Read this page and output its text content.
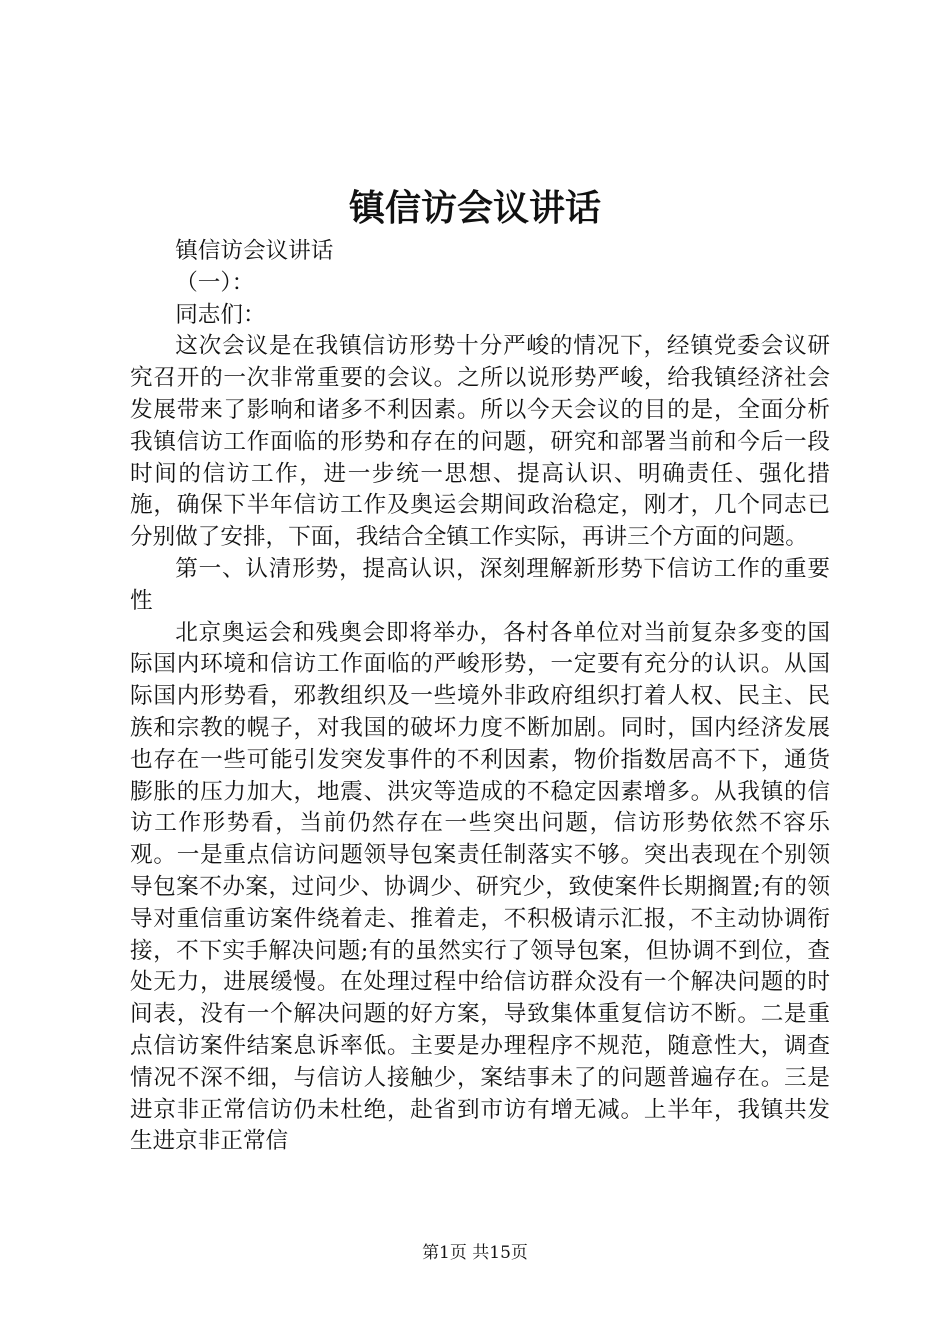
镇信访会议讲话

镇信访会议讲话

（一）：

同志们：

这次会议是在我镇信访形势十分严峻的情况下，经镇党委会议研究召开的一次非常重要的会议。之所以说形势严峻，给我镇经济社会发展带来了影响和诸多不利因素。所以今天会议的目的是，全面分析我镇信访工作面临的形势和存在的问题，研究和部署当前和今后一段时间的信访工作，进一步统一思想、提高认识、明确责任、强化措施，确保下半年信访工作及奥运会期间政治稳定，刚才，几个同志已分别做了安排，下面，我结合全镇工作实际，再讲三个方面的问题。

第一、认清形势，提高认识，深刻理解新形势下信访工作的重要性

北京奥运会和残奥会即将举办，各村各单位对当前复杂多变的国际国内环境和信访工作面临的严峻形势，一定要有充分的认识。从国际国内形势看，邪教组织及一些境外非政府组织打着人权、民主、民族和宗教的幌子，对我国的破坏力度不断加剧。同时，国内经济发展也存在一些可能引发突发事件的不利因素，物价指数居高不下，通货膨胀的压力加大，地震、洪灾等造成的不稳定因素增多。从我镇的信访工作形势看，当前仍然存在一些突出问题，信访形势依然不容乐观。一是重点信访问题领导包案责任制落实不够。突出表现在个别领导包案不办案，过问少、协调少、研究少，致使案件长期搁置;有的领导对重信重访案件绕着走、推着走，不积极请示汇报，不主动协调衔接，不下实手解决问题;有的虽然实行了领导包案，但协调不到位，查处无力，进展缓慢。在处理过程中给信访群众没有一个解决问题的时间表，没有一个解决问题的好方案，导致集体重复信访不断。二是重点信访案件结案息诉率低。主要是办理程序不规范，随意性大，调查情况不深不细，与信访人接触少，案结事未了的问题普遍存在。三是进京非正常信访仍未杜绝，赴省到市访有增无减。上半年，我镇共发生进京非正常信

第1页 共15页
